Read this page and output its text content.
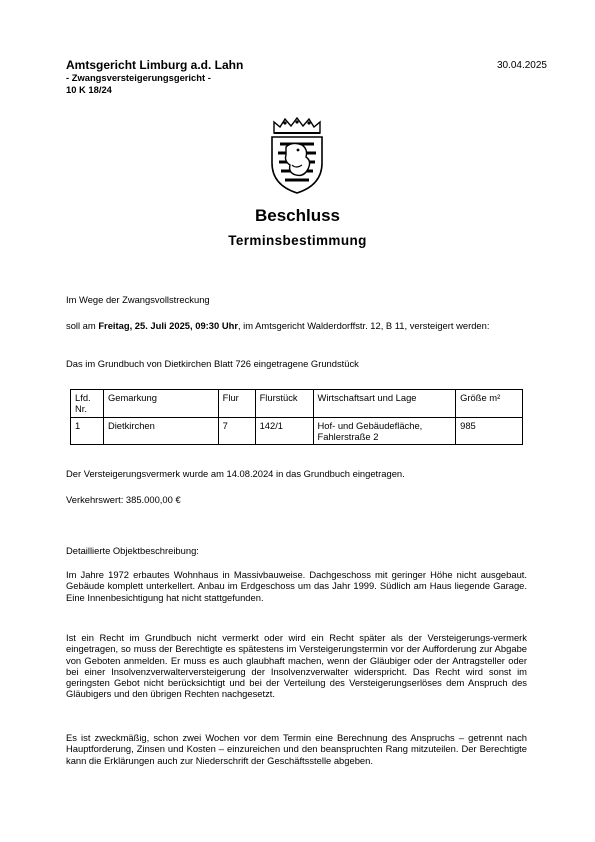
Amtsgericht Limburg a.d. Lahn
- Zwangsversteigerungsgericht -
10 K 18/24
30.04.2025
Beschluss
Terminsbestimmung
Im Wege der Zwangsvollstreckung
soll am Freitag, 25. Juli 2025, 09:30 Uhr, im Amtsgericht Walderdorffstr. 12, B 11, versteigert werden:
Das im Grundbuch von Dietkirchen Blatt 726 eingetragene Grundstück
Lfd. Nr.	Gemarkung	Flur	Flurstück	Wirtschaftsart und Lage	Größe m²
1	Dietkirchen	7	142/1	Hof- und Gebäudefläche, Fahlerstraße 2	985
Der Versteigerungsvermerk wurde am 14.08.2024 in das Grundbuch eingetragen.
Verkehrswert: 385.000,00 €
Detaillierte Objektbeschreibung:
Im Jahre 1972 erbautes Wohnhaus in Massivbauweise. Dachgeschoss mit geringer Höhe nicht ausgebaut. Gebäude komplett unterkellert. Anbau im Erdgeschoss um das Jahr 1999. Südlich am Haus liegende Garage. Eine Innenbesichtigung hat nicht stattgefunden.
Ist ein Recht im Grundbuch nicht vermerkt oder wird ein Recht später als der Versteigerungs-vermerk eingetragen, so muss der Berechtigte es spätestens im Versteigerungstermin vor der Aufforderung zur Abgabe von Geboten anmelden. Er muss es auch glaubhaft machen, wenn der Gläubiger oder der Antragsteller oder bei einer Insolvenzverwalterversteigerung der Insolvenzverwalter widerspricht. Das Recht wird sonst im geringsten Gebot nicht berücksichtigt und bei der Verteilung des Versteigerungserlöses dem Anspruch des Gläubigers und den übrigen Rechten nachgesetzt.
Es ist zweckmäßig, schon zwei Wochen vor dem Termin eine Berechnung des Anspruchs – getrennt nach Hauptforderung, Zinsen und Kosten – einzureichen und den beanspruchten Rang mitzuteilen. Der Berechtigte kann die Erklärungen auch zur Niederschrift der Geschäftsstelle abgeben.
